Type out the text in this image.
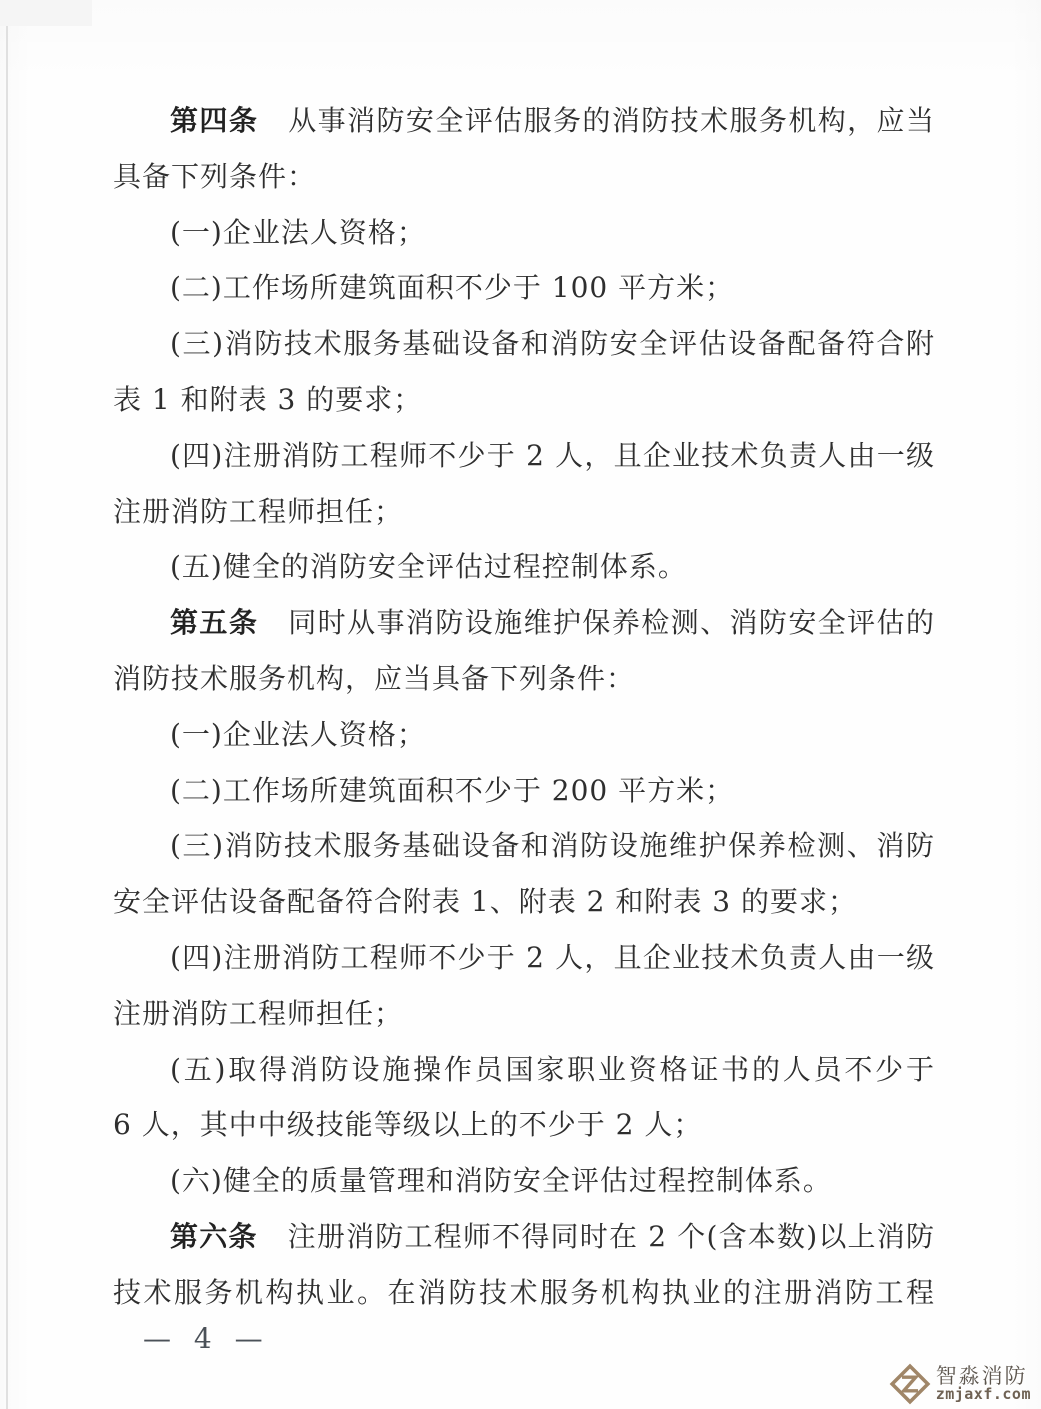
第四条 从事消防安全评估服务的消防技术服务机构，应当
具备下列条件：
(一)企业法人资格；
(二)工作场所建筑面积不少于 100 平方米；
(三)消防技术服务基础设备和消防安全评估设备配备符合附
表 1 和附表 3 的要求；
(四)注册消防工程师不少于 2 人，且企业技术负责人由一级
注册消防工程师担任；
(五)健全的消防安全评估过程控制体系。
第五条 同时从事消防设施维护保养检测、消防安全评估的
消防技术服务机构，应当具备下列条件：
(一)企业法人资格；
(二)工作场所建筑面积不少于 200 平方米；
(三)消防技术服务基础设备和消防设施维护保养检测、消防
安全评估设备配备符合附表 1、附表 2 和附表 3 的要求；
(四)注册消防工程师不少于 2 人，且企业技术负责人由一级
注册消防工程师担任；
(五)取得消防设施操作员国家职业资格证书的人员不少于
6 人，其中中级技能等级以上的不少于 2 人；
(六)健全的质量管理和消防安全评估过程控制体系。
第六条 注册消防工程师不得同时在 2 个(含本数)以上消防
技术服务机构执业。在消防技术服务机构执业的注册消防工程
— 4 —
智淼消防
zmjaxf.com
